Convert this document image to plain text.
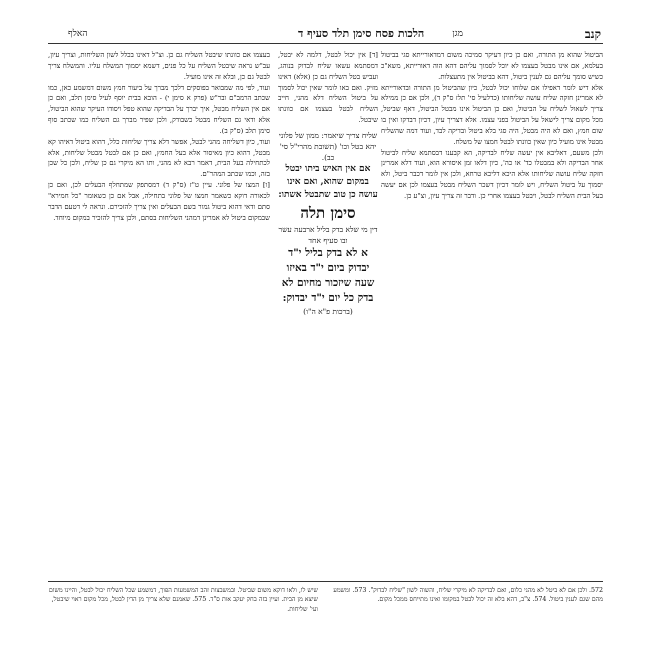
קנב
מגן
הלכות פסח סימן תלד סעיף ד
האלף

הביטול שהוא מן התורה, ואם כן כיון דעיקר סמיכה משום דמדאורייתא סגי בביטול בעלמא, אם אינו מבטל בעצמו לא יוכל לסמוך עליהם דהא הוה דאורייתא, משא"כ כשיש סומך עליהם גם לענין ביטול, דהא בביטול אין מתעצלות.

אלא דיש לומר דאפילו אם שלוחו יכול לבטל, כיון שהביטול מן התורה ובדאורייתא לא אמרינן חזקה שליח עושה שליחותו (כדלעיל סי' תלז ס"ק ד), ולכן אם כן ממילא צריך לשאול לשליח על הביטול, ואם כן הביטול אינו מבטל הביטול, דאף שביטל, מכל מקום צריך לישאל על הביטול בפני עצמו. אלא דצריך עיון, דכיון דבדקו ואין בו שום חמץ, ואם לא היה מבטל, היה סגי בלא ביטול ובדיקה לבד, ועוד דמה שהשליח מבטל אינו מועיל כיון שאין כוונתו לבטל חמצו של משלח.

ולכן משעם, דאליבא אין יעשה שליח לבדיקה, הא קבענו דבסתמא שליח לביטול אחר הבדיקה ולא במבטלו כד' או כה', כיון דלאו זמן איסורא הוא, ועוד דלא אמרינן חזקה שליח עושה שליחותו אלא היכא דליכא טרחא, ולכן אין לומר דכבר ביטל, ולא יסמוך על ביטול השליח, ויש לומר דכיון דשכר השליח מבטל בעצמו לכן אם יעשה בעל הבית השליח לבטל, ויבטל בעצמו אחרי כן. ודבר זה צריך עיון, וצ"ע כן.

[ד] אין יכול לבטל, דלמה לא יבטל, דמסתמא עשאו שליח לבדוק בנוהג, ועביש בטל השליח גם כן (אלא) דאינו מזיק. ואם באו לומר שאין יכול לסמוך על ביטול השליח דלא מהני, חייב השליח לבטל בעצמו אם כוונתו שיבטל.

שליח צריך שיאמר: ממון של פלוני יהא בטל וכו' (תשובת מהרי"ל סי' כב).

אם אין האיש ביתו יבטל במקום שהוא, ואם אינו עושה כן טוב שתבטל אשתו:

סימן תלה

דין מי שלא בדק בליל ארבעה עשר ובו סעיף אחד

א לא בדק בליל י"ד יבדוק ביום י"ד באיזו שעה שיזכור מחיום לא בדק כל יום י"ד יבדוק:

(ברכות פ"א ה"ו)

בעצמו אם כוונתו שיבטל השליח גם כן. וצ"ל דאינו בכלל לשון השליחות, וצריך עיון, עב"ש נראה שיבטל השליח על כל פנים, דשמא יסמוך המשלח עליו. והמשלח צריך לבטל גם כן, ובלא זה אינו מועיל.

ועוד, לפי מה שמבואר בפוסקים דלכך מברך על ביעור חמץ משום דמשמע כאן, כמו שכתב הרמב"ם ובר"ש (פרק א סימן י) - הובא בבית יוסף לעיל סימן תלב, ואם כן אם אין השליח מבטל, איך יברך על הבדיקה שהוא טפל ויסודו העיקר שהוא הביטול, אלא ודאי גם השליח מבטל כשבודק, ולכן שפיר מברך גם השליח כמו שכתב סוף סימן תלב (ס"ק ב).

ועוד, כיון דשליחה מהני לבטל, אפשר דלא צריך שליחות כלל, דהוא ביטול דאיהו קא מבטל, דהוא כיון מאיסור אלא בעל החמץ, ואם כן אם לבטל מבטל שליחות, אלא לכתחילה בעל הבית, דאמר רבא לא מהני, ותו הא מיקרי גם כן שליח, ולכן כל שכן בזה, וכמו שכתב המהר"ם.

[ו] המצו של פלוני. עיין ט"ז (ס"ק ד) דמסתפק שמתחלף הבעלים לכן, ואם כן לכאורה דוקא כשאמר חמצו של פלוני בתחילה, אבל אם כן כשאומר "כל חמירא" סתם ודאי דהוא ביטול גמור בשם הבעלים ואין צריך להזכירם. ונראה לי דטעם הדבר שבמקום ביטול לא אמרינן דמהני השליחות בסתם, ולכן צריך להזכיר במקום מיוחד.

572. ולכן אם לא ביטל לא מהני כלום, ואם לבדיקה לא מיקרי שליח, והשוה לשון "שליח לבדוק". 573. ומשמע מהם שגם לענין ביטול. 574. צ"ב, דהא בלא זה יכול לבטל במקומו ואינו מתייחס ממכל מקום.
שיש לו, ולאו דוקא משום שביטל. ובמשבצות זהב המשמעות הפוך, דמשמע שכל השליח יכול לבטל, והיינו משום שיצא מן הבית. ועיין בזה בחק יעקב אות ס"ד. 575. שאמנם שלא צריך מן הדין לבטל, מכל מקום ראוי שיבטל, ועי' שליחות.
